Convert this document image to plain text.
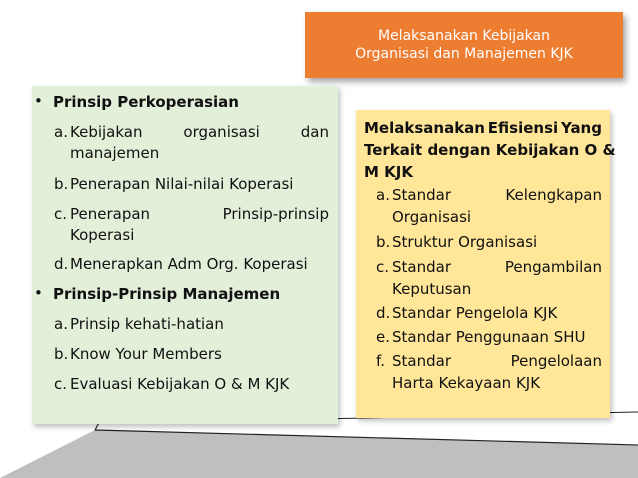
Melaksanakan Kebijakan
Organisasi dan Manajemen KJK
• Prinsip Perkoperasian
a. Kebijakan	organisasi	dan
manajemen
b. Penerapan Nilai-nilai Koperasi
c. Penerapan	Prinsip-prinsip
Koperasi
d. Menerapkan Adm Org. Koperasi
• Prinsip-Prinsip Manajemen
a. Prinsip kehati-hatian
b. Know Your Members
c. Evaluasi Kebijakan O & M KJK
Melaksanakan Efisiensi Yang
Terkait dengan Kebijakan O &
M KJK
a. Standar	Kelengkapan
Organisasi
b. Struktur Organisasi
c. Standar	Pengambilan
Keputusan
d. Standar Pengelola KJK
e. Standar Penggunaan SHU
f. Standar	Pengelolaan
Harta Kekayaan KJK
